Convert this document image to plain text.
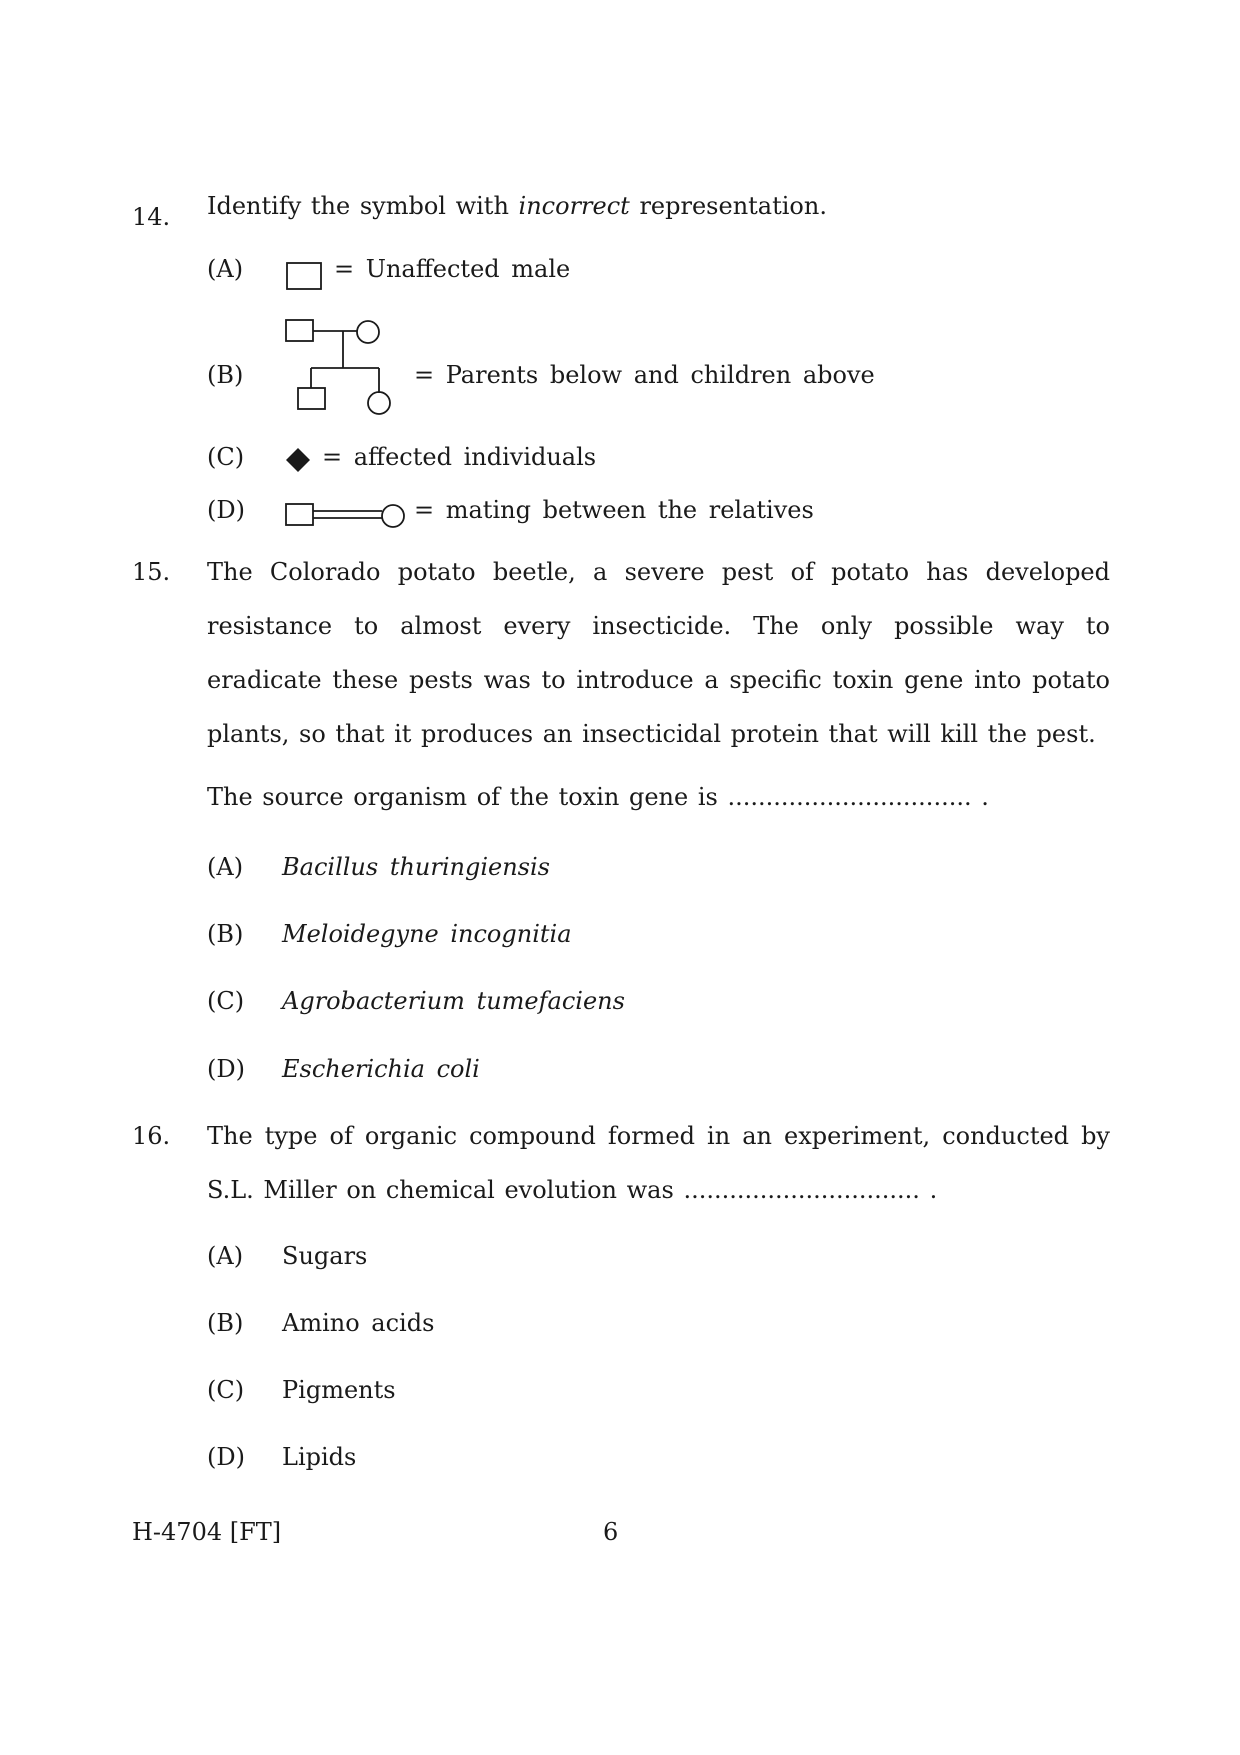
14. Identify the symbol with incorrect representation.
(A)	= Unaffected male
(B)	= Parents below and children above
(C)	= affected individuals
(D)	= mating between the relatives
15. The Colorado potato beetle, a severe pest of potato has developed resistance to almost every insecticide. The only possible way to eradicate these pests was to introduce a specific toxin gene into potato plants, so that it produces an insecticidal protein that will kill the pest.
The source organism of the toxin gene is ................................ .
(A) Bacillus thuringiensis
(B) Meloidegyne incognitia
(C) Agrobacterium tumefaciens
(D) Escherichia coli
16. The type of organic compound formed in an experiment, conducted by S.L. Miller on chemical evolution was ............................... .
(A) Sugars
(B) Amino acids
(C) Pigments
(D) Lipids
H-4704 [FT]	6
